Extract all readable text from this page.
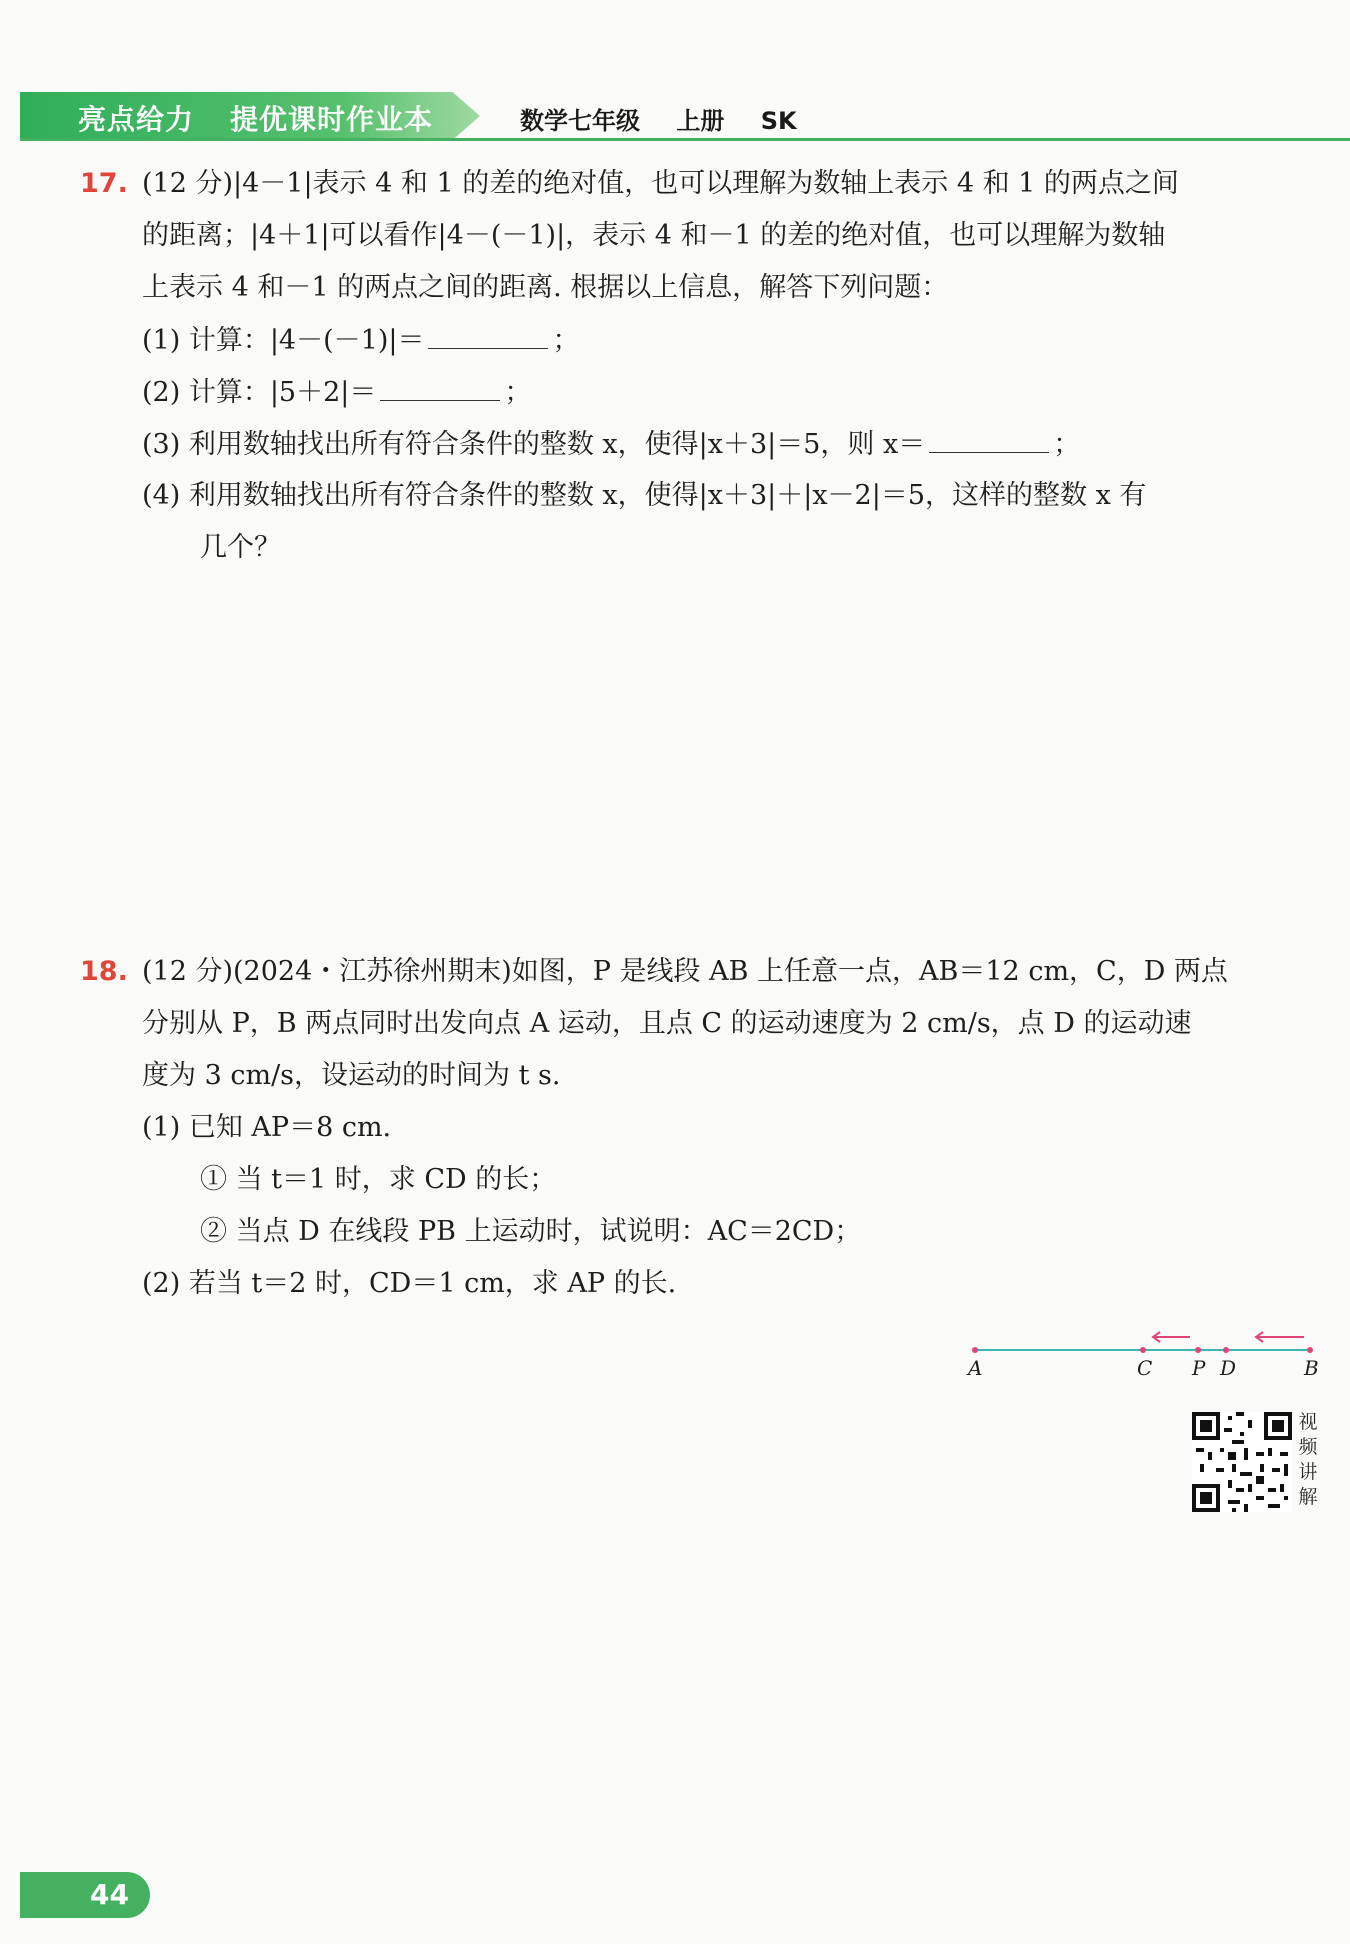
亮点给力 提优课时作业本	数学七年级 上册 SK
17. (12 分)|4－1|表示 4 和 1 的差的绝对值，也可以理解为数轴上表示 4 和 1 的两点之间
的距离；|4＋1|可以看作|4－(－1)|，表示 4 和－1 的差的绝对值，也可以理解为数轴
上表示 4 和－1 的两点之间的距离. 根据以上信息，解答下列问题：
(1) 计算：|4－(－1)|＝	；
(2) 计算：|5＋2|＝	；
(3) 利用数轴找出所有符合条件的整数 x，使得|x＋3|＝5，则 x＝	；
(4) 利用数轴找出所有符合条件的整数 x，使得|x＋3|＋|x－2|＝5，这样的整数 x 有
几个？
18. (12 分)(2024・江苏徐州期末)如图，P 是线段 AB 上任意一点，AB＝12 cm，C，D 两点
分别从 P，B 两点同时出发向点 A 运动，且点 C 的运动速度为 2 cm/s，点 D 的运动速
度为 3 cm/s，设运动的时间为 t s.
(1) 已知 AP＝8 cm.
① 当 t＝1 时，求 CD 的长；
② 当点 D 在线段 PB 上运动时，试说明：AC＝2CD；
(2) 若当 t＝2 时，CD＝1 cm，求 AP 的长.
A	C P D	B
视
频
讲
解
44
